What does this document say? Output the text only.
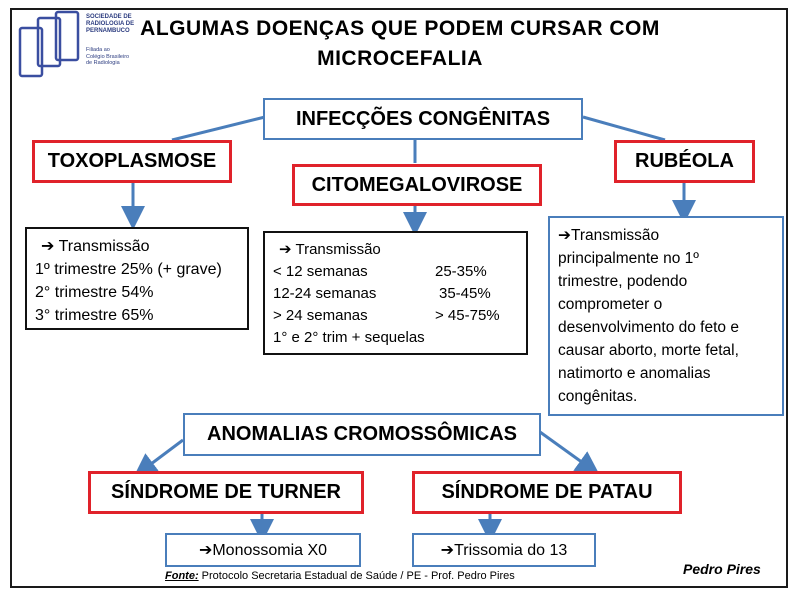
SOCIEDADE DE
RADIOLOGIA DE
PERNAMBUCO
Filiada ao
Colégio Brasileiro
de Radiologia
ALGUMAS DOENÇAS QUE PODEM CURSAR COM
MICROCEFALIA
INFECÇÕES CONGÊNITAS
TOXOPLASMOSE
➔ Transmissão
1º trimestre 25% (+ grave)
2° trimestre 54%
3° trimestre 65%
CITOMEGALOVIROSE
➔ Transmissão
< 12 semanas	25-35%
12-24 semanas	35-45%
> 24 semanas	> 45-75%
1° e 2° trim + sequelas
RUBÉOLA
➔Transmissão
principalmente no 1º
trimestre, podendo
comprometer o
desenvolvimento do feto e
causar aborto, morte fetal,
natimorto e anomalias
congênitas.
ANOMALIAS CROMOSSÔMICAS
SÍNDROME DE TURNER
➔Monossomia X0
SÍNDROME DE PATAU
➔Trissomia do 13
Fonte: Protocolo Secretaria Estadual de Saúde / PE - Prof. Pedro Pires	Pedro Pires
